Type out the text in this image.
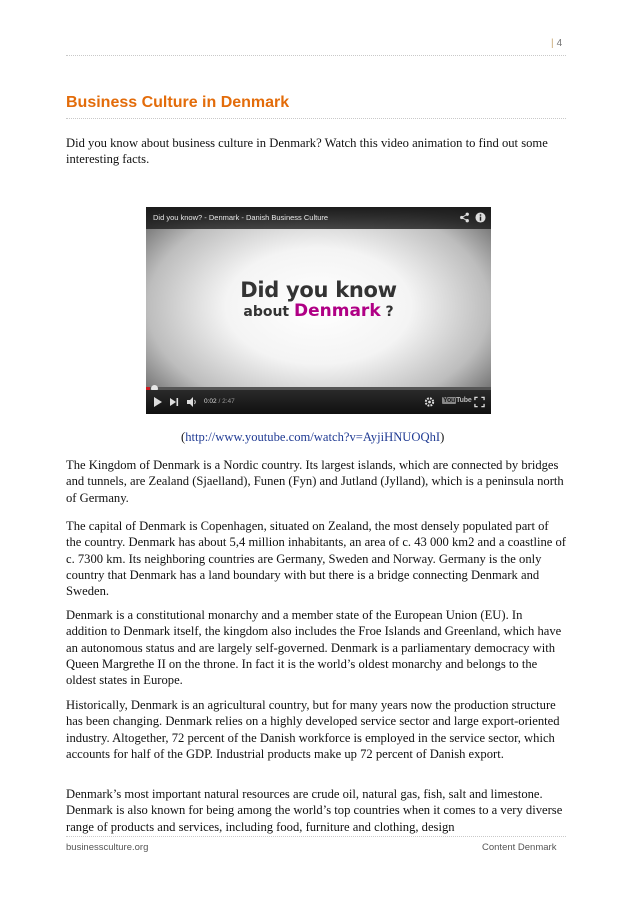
| 4
Business Culture in Denmark

Did you know about business culture in Denmark? Watch this video animation to find out some interesting facts.

Did you know? - Denmark - Danish Business Culture
Did you know
about Denmark ?
0:02 / 2:47	YouTube

(http://www.youtube.com/watch?v=AyjiHNUOQhI)

The Kingdom of Denmark is a Nordic country. Its largest islands, which are connected by bridges and tunnels, are Zealand (Sjaelland), Funen (Fyn) and Jutland (Jylland), which is a peninsula north of Germany.

The capital of Denmark is Copenhagen, situated on Zealand, the most densely populated part of the country. Denmark has about 5,4 million inhabitants, an area of c. 43 000 km2 and a coastline of c. 7300 km. Its neighboring countries are Germany, Sweden and Norway. Germany is the only country that Denmark has a land boundary with but there is a bridge connecting Denmark and Sweden.

Denmark is a constitutional monarchy and a member state of the European Union (EU). In addition to Denmark itself, the kingdom also includes the Froe Islands and Greenland, which have an autonomous status and are largely self-governed. Denmark is a parliamentary democracy with Queen Margrethe II on the throne. In fact it is the world’s oldest monarchy and belongs to the oldest states in Europe.

Historically, Denmark is an agricultural country, but for many years now the production structure has been changing. Denmark relies on a highly developed service sector and large export-oriented industry. Altogether, 72 percent of the Danish workforce is employed in the service sector, which accounts for half of the GDP. Industrial products make up 72 percent of Danish export.

Denmark’s most important natural resources are crude oil, natural gas, fish, salt and limestone. Denmark is also known for being among the world’s top countries when it comes to a very diverse range of products and services, including food, furniture and clothing, design

businessculture.org	Content Denmark
